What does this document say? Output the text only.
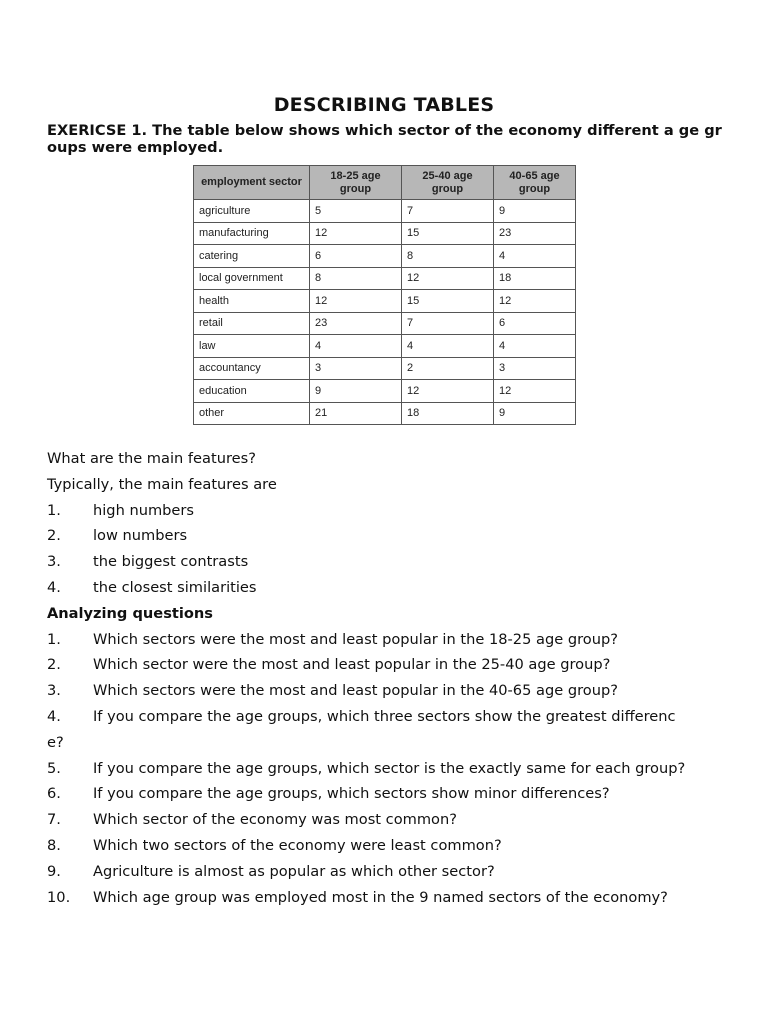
DESCRIBING TABLES
EXERICSE 1. The table below shows which sector of the economy different a ge groups were employed.
employment sector	18-25 age group	25-40 age group	40-65 age group
agriculture	5	7	9
manufacturing	12	15	23
catering	6	8	4
local government	8	12	18
health	12	15	12
retail	23	7	6
law	4	4	4
accountancy	3	2	3
education	9	12	12
other	21	18	9
What are the main features?
Typically, the main features are
1. high numbers
2. low numbers
3. the biggest contrasts
4. the closest similarities
Analyzing questions
1. Which sectors were the most and least popular in the 18-25 age group?
2. Which sector were the most and least popular in the 25-40 age group?
3. Which sectors were the most and least popular in the 40-65 age group?
4. If you compare the age groups, which three sectors show the greatest differenc
e?
5. If you compare the age groups, which sector is the exactly same for each group?
6. If you compare the age groups, which sectors show minor differences?
7. Which sector of the economy was most common?
8. Which two sectors of the economy were least common?
9. Agriculture is almost as popular as which other sector?
10. Which age group was employed most in the 9 named sectors of the economy?
